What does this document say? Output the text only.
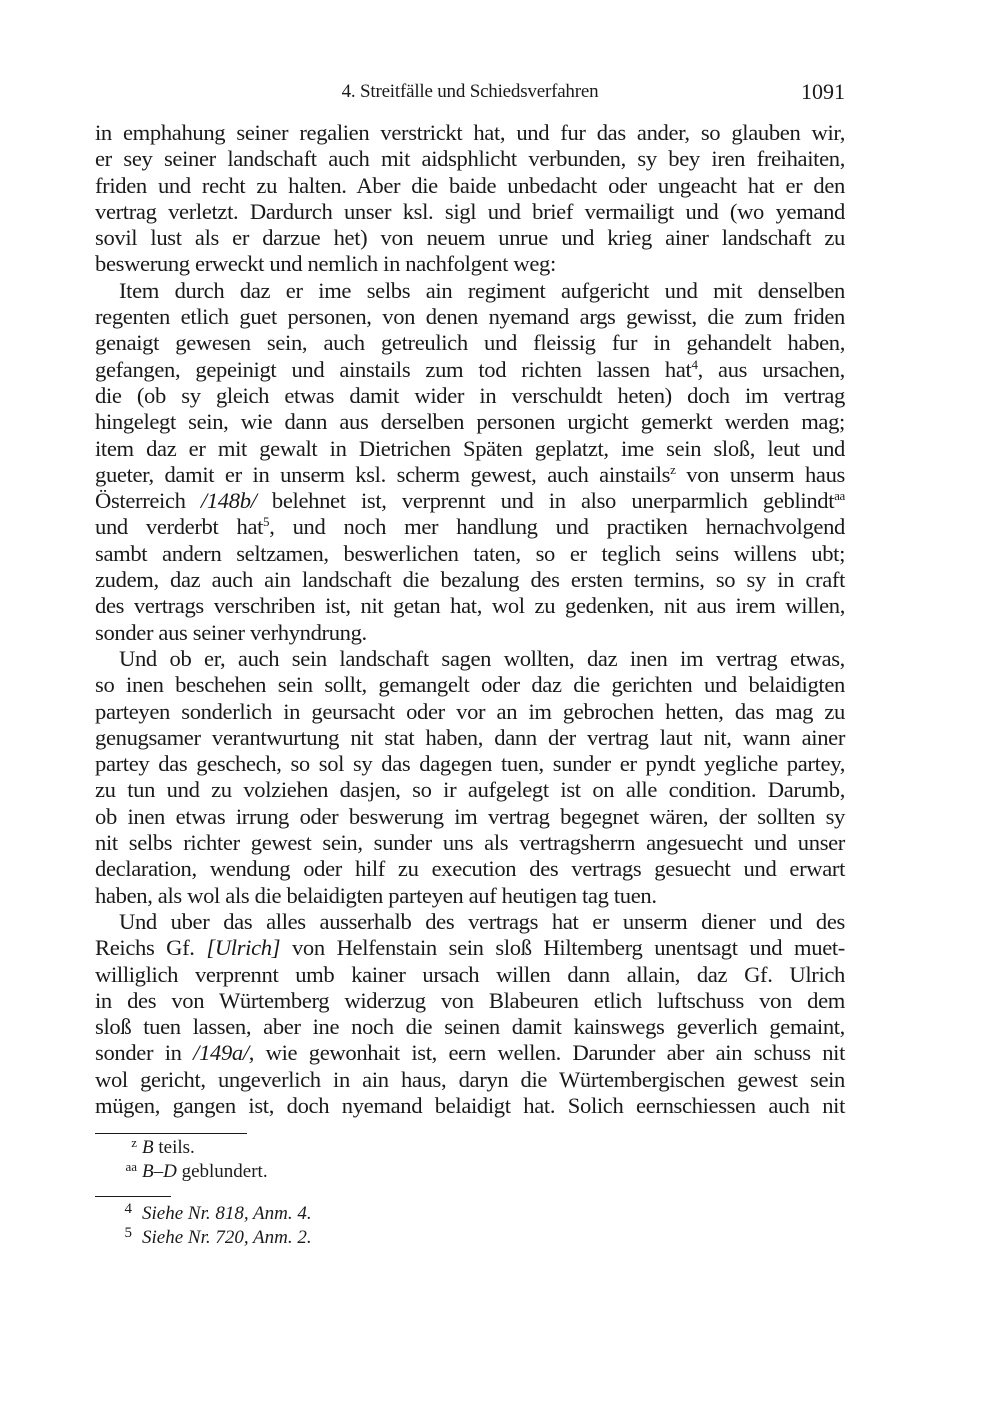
4. Streitfälle und Schiedsverfahren	1091
in emphahung seiner regalien verstrickt hat, und fur das ander, so glauben wir,
er sey seiner landschaft auch mit aidsphlicht verbunden, sy bey iren freihaiten,
friden und recht zu halten. Aber die baide unbedacht oder ungeacht hat er den
vertrag verletzt. Dardurch unser ksl. sigl und brief vermailigt und (wo yemand
sovil lust als er darzue het) von neuem unrue und krieg ainer landschaft zu
beswerung erweckt und nemlich in nachfolgent weg:
Item durch daz er ime selbs ain regiment aufgericht und mit denselben
regenten etlich guet personen, von denen nyemand args gewisst, die zum friden
genaigt gewesen sein, auch getreulich und fleissig fur in gehandelt haben,
gefangen, gepeinigt und ainstails zum tod richten lassen hat$^4$, aus ursachen,
die (ob sy gleich etwas damit wider in verschuldt heten) doch im vertrag
hingelegt sein, wie dann aus derselben personen urgicht gemerkt werden mag;
item daz er mit gewalt in Dietrichen Späten geplatzt, ime sein sloß, leut und
gueter, damit er in unserm ksl. scherm gewest, auch ainstails$^z$ von unserm haus
Österreich /148b/ belehnet ist, verprennt und in also unerparmlich geblindt$^{aa}$
und verderbt hat$^5$, und noch mer handlung und practiken hernachvolgend
sambt andern seltzamen, beswerlichen taten, so er teglich seins willens ubt;
zudem, daz auch ain landschaft die bezalung des ersten termins, so sy in craft
des vertrags verschriben ist, nit getan hat, wol zu gedenken, nit aus irem willen,
sonder aus seiner verhyndrung.
Und ob er, auch sein landschaft sagen wollten, daz inen im vertrag etwas,
so inen beschehen sein sollt, gemangelt oder daz die gerichten und belaidigten
parteyen sonderlich in geursacht oder vor an im gebrochen hetten, das mag zu
genugsamer verantwurtung nit stat haben, dann der vertrag laut nit, wann ainer
partey das geschech, so sol sy das dagegen tuen, sunder er pyndt yegliche partey,
zu tun und zu volziehen dasjen, so ir aufgelegt ist on alle condition. Darumb,
ob inen etwas irrung oder beswerung im vertrag begegnet wären, der sollten sy
nit selbs richter gewest sein, sunder uns als vertragsherrn angesuecht und unser
declaration, wendung oder hilf zu execution des vertrags gesuecht und erwart
haben, als wol als die belaidigten parteyen auf heutigen tag tuen.
Und uber das alles ausserhalb des vertrags hat er unserm diener und des
Reichs Gf. [Ulrich] von Helfenstain sein sloß Hiltemberg unentsagt und muet-
williglich verprennt umb kainer ursach willen dann allain, daz Gf. Ulrich
in des von Würtemberg widerzug von Blabeuren etlich luftschuss von dem
sloß tuen lassen, aber ine noch die seinen damit kainswegs geverlich gemaint,
sonder in /149a/, wie gewonhait ist, eern wellen. Darunder aber ain schuss nit
wol gericht, ungeverlich in ain haus, daryn die Würtembergischen gewest sein
mügen, gangen ist, doch nyemand belaidigt hat. Solich eernschiessen auch nit
z B teils.
aa B–D geblundert.
4 Siehe Nr. 818, Anm. 4.
5 Siehe Nr. 720, Anm. 2.
